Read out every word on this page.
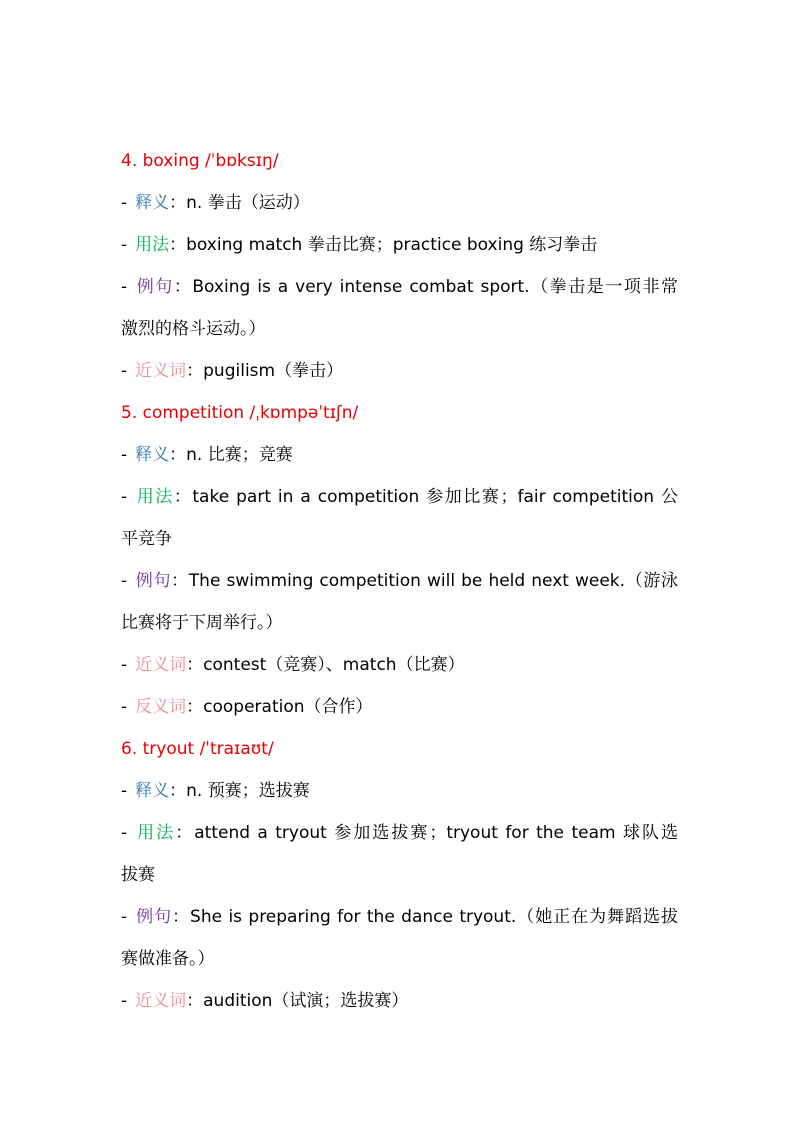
4. boxing /ˈbɒksɪŋ/
- 释义：n. 拳击（运动）
- 用法：boxing match 拳击比赛；practice boxing 练习拳击
- 例句：Boxing is a very intense combat sport.（拳击是一项非常
激烈的格斗运动。）
- 近义词：pugilism（拳击）
5. competition /ˌkɒmpəˈtɪʃn/
- 释义：n. 比赛；竞赛
- 用法：take part in a competition 参加比赛；fair competition 公
平竞争
- 例句：The swimming competition will be held next week.（游泳
比赛将于下周举行。）
- 近义词：contest（竞赛）、match（比赛）
- 反义词：cooperation（合作）
6. tryout /ˈtraɪaʊt/
- 释义：n. 预赛；选拔赛
- 用法：attend a tryout 参加选拔赛；tryout for the team 球队选
拔赛
- 例句：She is preparing for the dance tryout.（她正在为舞蹈选拔
赛做准备。）
- 近义词：audition（试演；选拔赛）
